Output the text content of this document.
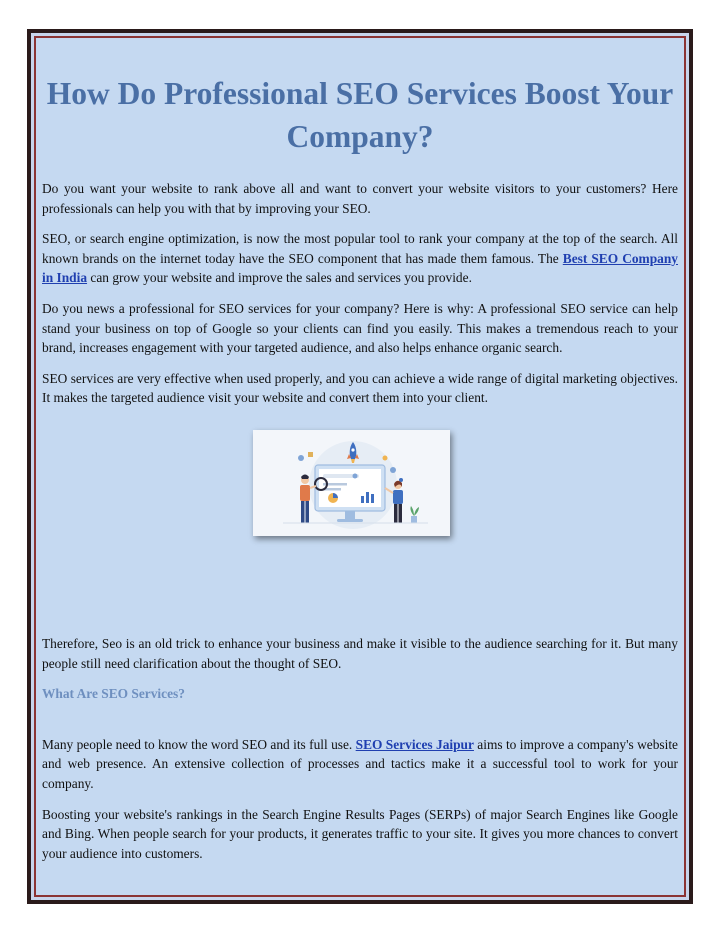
How Do Professional SEO Services Boost Your Company?

Do you want your website to rank above all and want to convert your website visitors to your customers? Here professionals can help you with that by improving your SEO.

SEO, or search engine optimization, is now the most popular tool to rank your company at the top of the search. All known brands on the internet today have the SEO component that has made them famous. The Best SEO Company in India can grow your website and improve the sales and services you provide.

Do you news a professional for SEO services for your company? Here is why: A professional SEO service can help stand your business on top of Google so your clients can find you easily. This makes a tremendous reach to your brand, increases engagement with your targeted audience, and also helps enhance organic search.

SEO services are very effective when used properly, and you can achieve a wide range of digital marketing objectives. It makes the targeted audience visit your website and convert them into your client.

Therefore, Seo is an old trick to enhance your business and make it visible to the audience searching for it. But many people still need clarification about the thought of SEO.

What Are SEO Services?

Many people need to know the word SEO and its full use. SEO Services Jaipur aims to improve a company's website and web presence. An extensive collection of processes and tactics make it a successful tool to work for your company.

Boosting your website's rankings in the Search Engine Results Pages (SERPs) of major Search Engines like Google and Bing. When people search for your products, it generates traffic to your site. It gives you more chances to convert your audience into customers.
